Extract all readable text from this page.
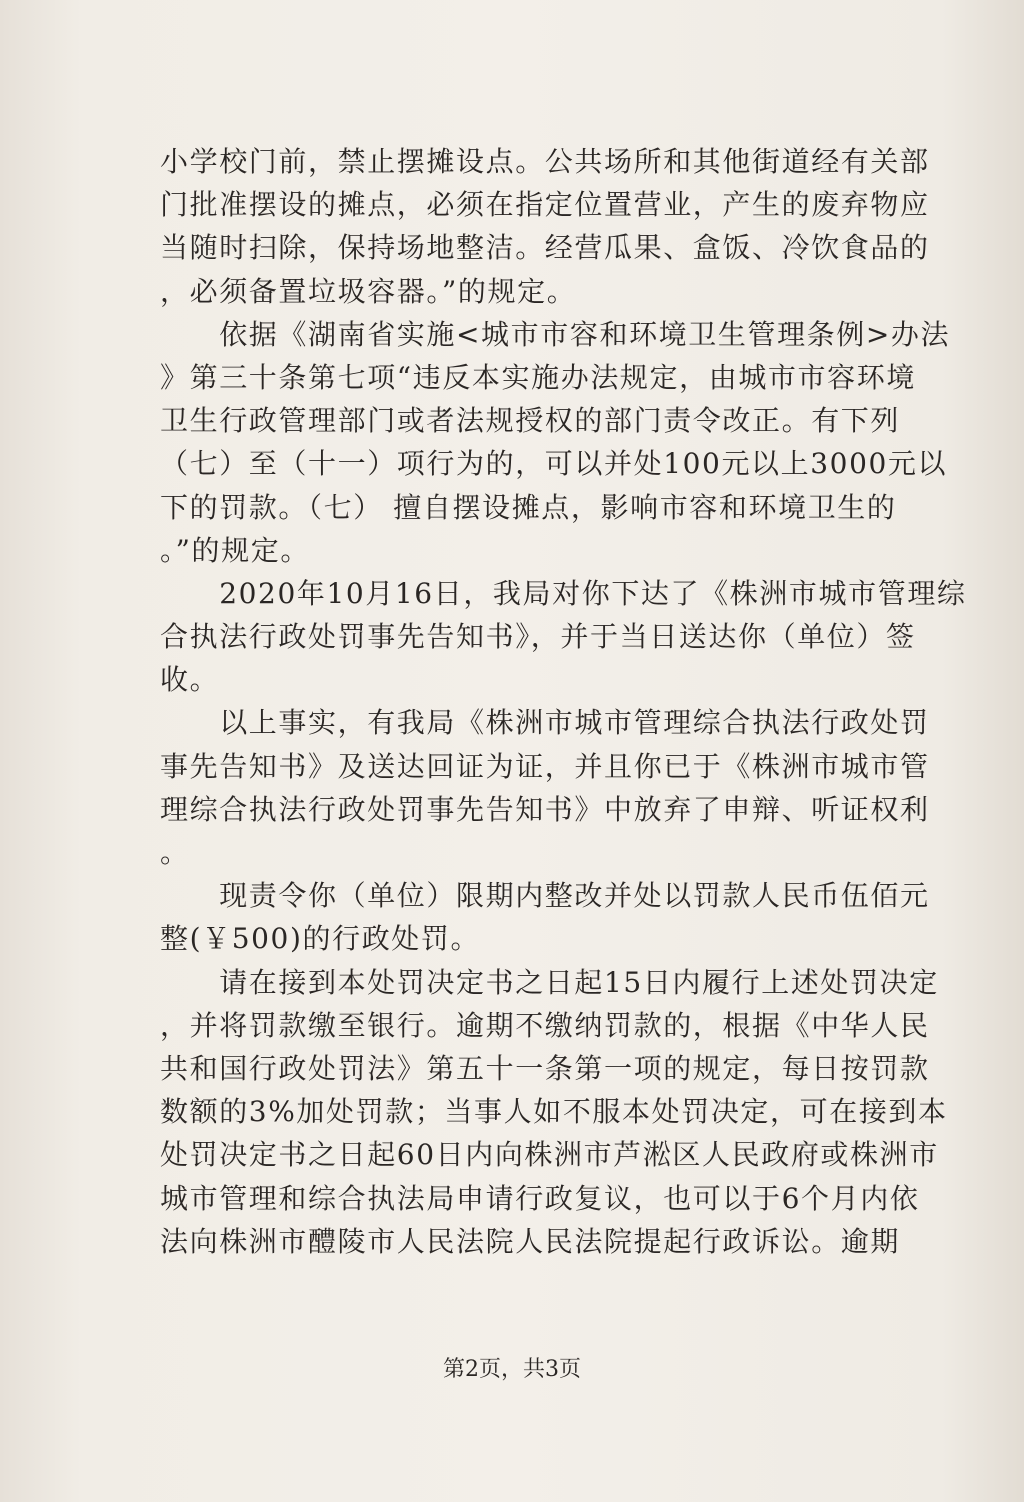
小学校门前，禁止摆摊设点。公共场所和其他街道经有关部
门批准摆设的摊点，必须在指定位置营业，产生的废弃物应
当随时扫除，保持场地整洁。经营瓜果、盒饭、冷饮食品的
，必须备置垃圾容器。”的规定。
　　依据《湖南省实施<城市市容和环境卫生管理条例>办法
》第三十条第七项“违反本实施办法规定，由城市市容环境
卫生行政管理部门或者法规授权的部门责令改正。有下列
（七）至（十一）项行为的，可以并处100元以上3000元以
下的罚款。（七） 擅自摆设摊点，影响市容和环境卫生的
。”的规定。
　　2020年10月16日，我局对你下达了《株洲市城市管理综
合执法行政处罚事先告知书》，并于当日送达你（单位）签
收。
　　以上事实，有我局《株洲市城市管理综合执法行政处罚
事先告知书》及送达回证为证，并且你已于《株洲市城市管
理综合执法行政处罚事先告知书》中放弃了申辩、听证权利
。
　　现责令你（单位）限期内整改并处以罚款人民币伍佰元
整(￥500)的行政处罚。
　　请在接到本处罚决定书之日起15日内履行上述处罚决定
，并将罚款缴至银行。逾期不缴纳罚款的，根据《中华人民
共和国行政处罚法》第五十一条第一项的规定，每日按罚款
数额的3%加处罚款；当事人如不服本处罚决定，可在接到本
处罚决定书之日起60日内向株洲市芦淞区人民政府或株洲市
城市管理和综合执法局申请行政复议，也可以于6个月内依
法向株洲市醴陵市人民法院人民法院提起行政诉讼。逾期
第2页，共3页
